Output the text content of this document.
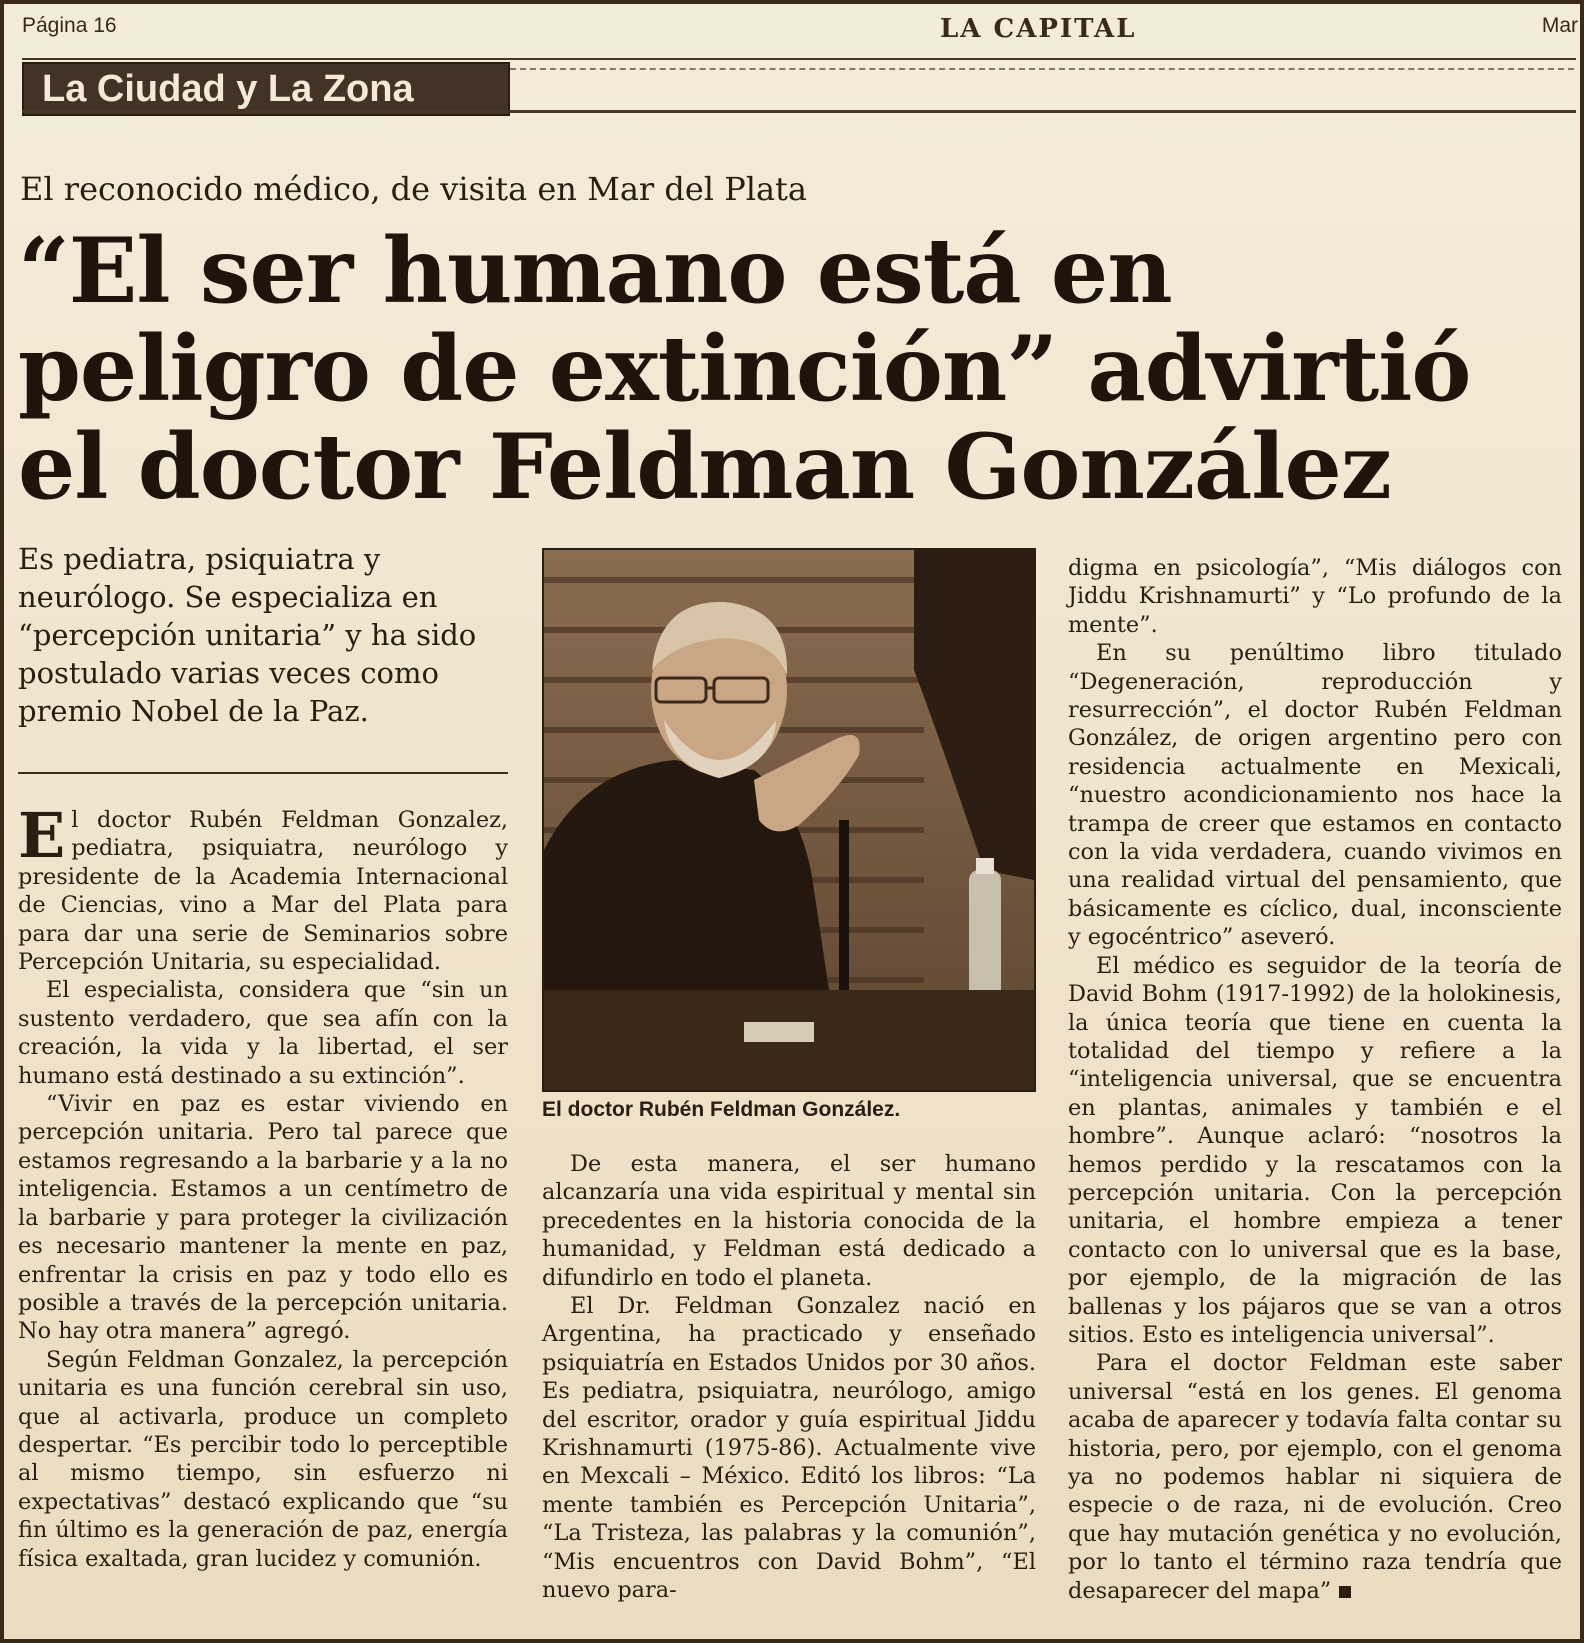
Página 16	LA CAPITAL	Mar
La Ciudad y La Zona
El reconocido médico, de visita en Mar del Plata
“El ser humano está en
peligro de extinción” advirtió
el doctor Feldman González
Es pediatra, psiquiatra y neurólogo. Se especializa en “percepción unitaria” y ha sido postulado varias veces como premio Nobel de la Paz.

El doctor Rubén Feldman Gonzalez, pediatra, psiquiatra, neurólogo y presidente de la Academia Internacional de Ciencias, vino a Mar del Plata para para dar una serie de Seminarios sobre Percepción Unitaria, su especialidad.

El especialista, considera que “sin un sustento verdadero, que sea afín con la creación, la vida y la libertad, el ser humano está destinado a su extinción”.

“Vivir en paz es estar viviendo en percepción unitaria. Pero tal parece que estamos regresando a la barbarie y a la no inteligencia. Estamos a un centímetro de la barbarie y para proteger la civilización es necesario mantener la mente en paz, enfrentar la crisis en paz y todo ello es posible a través de la percepción unitaria. No hay otra manera” agregó.

Según Feldman Gonzalez, la percepción unitaria es una función cerebral sin uso, que al activarla, produce un completo despertar. “Es percibir todo lo perceptible al mismo tiempo, sin esfuerzo ni expectativas” destacó explicando que “su fin último es la generación de paz, energía física exaltada, gran lucidez y comunión.

El doctor Rubén Feldman González.

De esta manera, el ser humano alcanzaría una vida espiritual y mental sin precedentes en la historia conocida de la humanidad, y Feldman está dedicado a difundirlo en todo el planeta.

El Dr. Feldman Gonzalez nació en Argentina, ha practicado y enseñado psiquiatría en Estados Unidos por 30 años. Es pediatra, psiquiatra, neurólogo, amigo del escritor, orador y guía espiritual Jiddu Krishnamurti (1975-86). Actualmente vive en Mexcali – México. Editó los libros: “La mente también es Percepción Unitaria”, “La Tristeza, las palabras y la comunión”, “Mis encuentros con David Bohm”, “El nuevo para-

digma en psicología”, “Mis diálogos con Jiddu Krishnamurti” y “Lo profundo de la mente”.

En su penúltimo libro titulado “Degeneración, reproducción y resurrección”, el doctor Rubén Feldman González, de origen argentino pero con residencia actualmente en Mexicali, “nuestro acondicionamiento nos hace la trampa de creer que estamos en contacto con la vida verdadera, cuando vivimos en una realidad virtual del pensamiento, que básicamente es cíclico, dual, inconsciente y egocéntrico” aseveró.

El médico es seguidor de la teoría de David Bohm (1917-1992) de la holokinesis, la única teoría que tiene en cuenta la totalidad del tiempo y refiere a la “inteligencia universal, que se encuentra en plantas, animales y también e el hombre”. Aunque aclaró: “nosotros la hemos perdido y la rescatamos con la percepción unitaria. Con la percepción unitaria, el hombre empieza a tener contacto con lo universal que es la base, por ejemplo, de la migración de las ballenas y los pájaros que se van a otros sitios. Esto es inteligencia universal”.

Para el doctor Feldman este saber universal “está en los genes. El genoma acaba de aparecer y todavía falta contar su historia, pero, por ejemplo, con el genoma ya no podemos hablar ni siquiera de especie o de raza, ni de evolución. Creo que hay mutación genética y no evolución, por lo tanto el término raza tendría que desaparecer del mapa”
